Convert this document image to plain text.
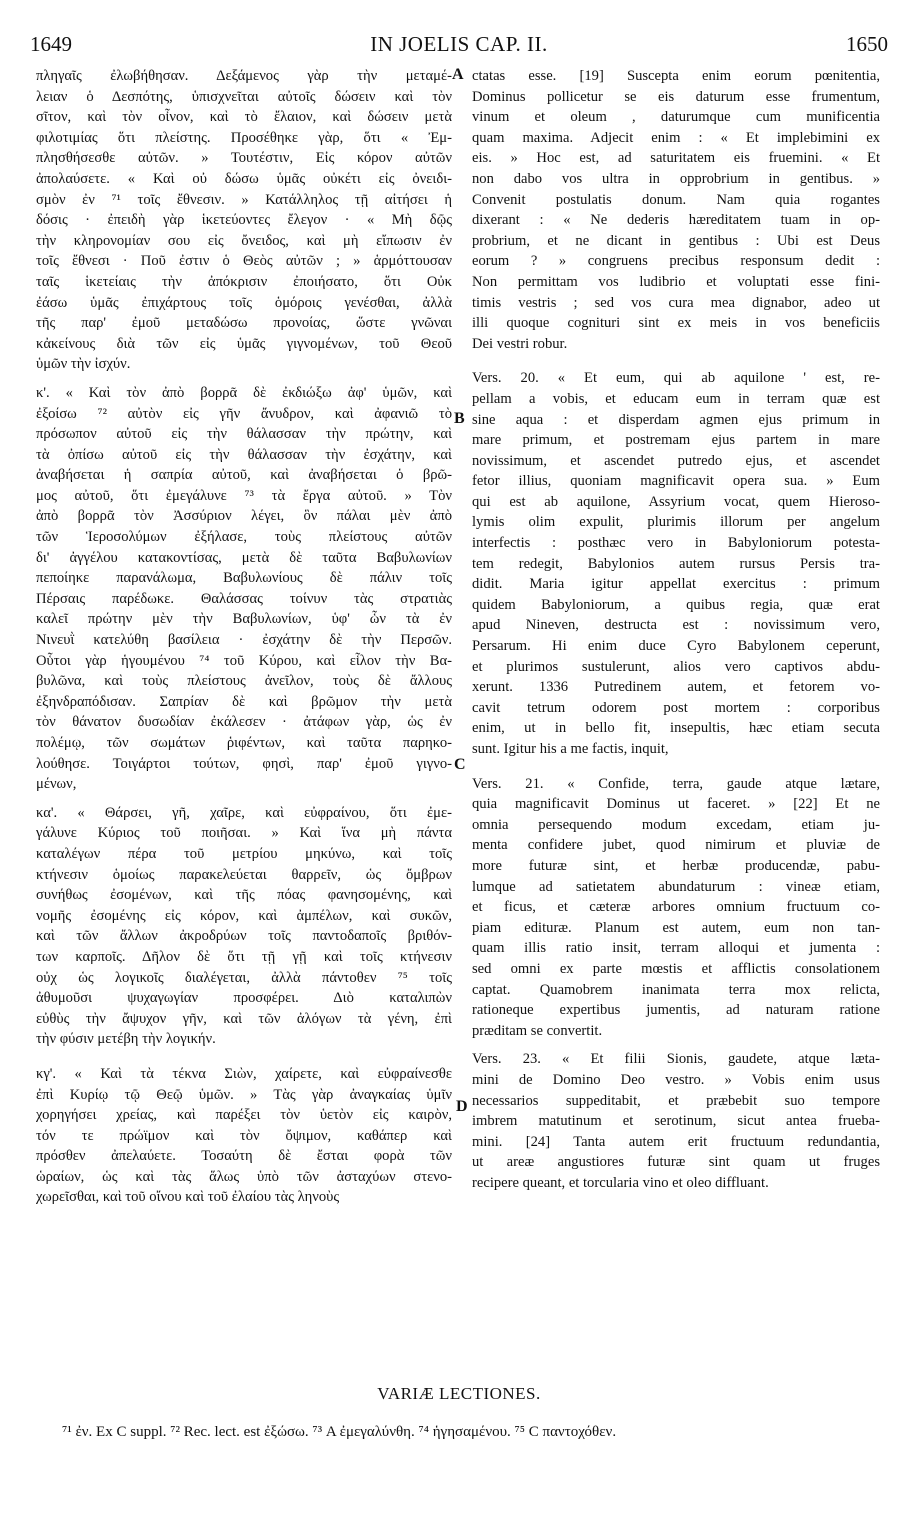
1649	IN JOELIS CAP. II.	1650
πληγαῖς ἐλωβήθησαν. Δεξάμενος γὰρ τὴν μεταμέ-
λειαν ὁ Δεσπότης, ὑπισχνεῖται αὐτοῖς δώσειν καὶ τὸν
σῖτον, καὶ τὸν οἶνον, καὶ τὸ ἔλαιον, καὶ δώσειν μετὰ
φιλοτιμίας ὅτι πλείστης. Προσέθηκε γὰρ, ὅτι « Ἐμ-
πλησθήσεσθε αὐτῶν. » Τουτέστιν, Εἰς κόρον αὐτῶν
ἀπολαύσετε. « Καὶ οὐ δώσω ὑμᾶς οὐκέτι εἰς ὀνειδι-
σμὸν ἐν ⁷¹ τοῖς ἔθνεσιν. » Κατάλληλος τῇ αἰτήσει ἡ
δόσις · ἐπειδὴ γὰρ ἱκετεύοντες ἔλεγον · « Μὴ δῷς
τὴν κληρονομίαν σου εἰς ὄνειδος, καὶ μὴ εἴπωσιν ἐν
τοῖς ἔθνεσι · Ποῦ ἐστιν ὁ Θεὸς αὐτῶν ; » ἁρμόττουσαν
ταῖς ἱκετείαις τὴν ἀπόκρισιν ἐποιήσατο, ὅτι Οὐκ
ἐάσω ὑμᾶς ἐπιχάρτους τοῖς ὁμόροις γενέσθαι, ἀλλὰ
τῆς παρ' ἐμοῦ μεταδώσω προνοίας, ὥστε γνῶναι
κἀκείνους διὰ τῶν εἰς ὑμᾶς γιγνομένων, τοῦ Θεοῦ
ὑμῶν τὴν ἰσχύν.
κ'. « Καὶ τὸν ἀπὸ βορρᾶ δὲ ἐκδιώξω ἀφ' ὑμῶν, καὶ
ἐξοίσω ⁷² αὐτὸν εἰς γῆν ἄνυδρον, καὶ ἀφανιῶ τὸ
πρόσωπον αὐτοῦ εἰς τὴν θάλασσαν τὴν πρώτην, καὶ
τὰ ὀπίσω αὐτοῦ εἰς τὴν θάλασσαν τὴν ἐσχάτην, καὶ
ἀναβήσεται ἡ σαπρία αὐτοῦ, καὶ ἀναβήσεται ὁ βρῶ-
μος αὐτοῦ, ὅτι ἐμεγάλυνε ⁷³ τὰ ἔργα αὐτοῦ. » Τὸν
ἀπὸ βορρᾶ τὸν Ἀσσύριον λέγει, ὃν πάλαι μὲν ἀπὸ
τῶν Ἱεροσολύμων ἐξήλασε, τοὺς πλείστους αὐτῶν
δι' ἀγγέλου κατακοντίσας, μετὰ δὲ ταῦτα Βαβυλωνίων
πεποίηκε παρανάλωμα, Βαβυλωνίους δὲ πάλιν τοῖς
Πέρσαις παρέδωκε. Θαλάσσας τοίνυν τὰς στρατιὰς
καλεῖ πρώτην μὲν τὴν Βαβυλωνίων, ὑφ' ὧν τὰ ἐν
Νινευῒ κατελύθη βασίλεια · ἐσχάτην δὲ τὴν Περσῶν.
Οὗτοι γὰρ ἡγουμένου ⁷⁴ τοῦ Κύρου, καὶ εἷλον τὴν Βα-
βυλῶνα, καὶ τοὺς πλείστους ἀνεῖλον, τοὺς δὲ ἄλλους
ἐξηνδραπόδισαν. Σαπρίαν δὲ καὶ βρῶμον τὴν μετὰ
τὸν θάνατον δυσωδίαν ἐκάλεσεν · ἀτάφων γὰρ, ὡς ἐν
πολέμῳ, τῶν σωμάτων ῥιφέντων, καὶ ταῦτα παρηκο-
λούθησε. Τοιγάρτοι τούτων, φησὶ, παρ' ἐμοῦ γιγνο-
μένων,
κα'. « Θάρσει, γῆ, χαῖρε, καὶ εὐφραίνου, ὅτι ἐμε-
γάλυνε Κύριος τοῦ ποιῆσαι. » Καὶ ἵνα μὴ πάντα
καταλέγων πέρα τοῦ μετρίου μηκύνω, καὶ τοῖς
κτήνεσιν ὁμοίως παρακελεύεται θαρρεῖν, ὡς ὄμβρων
συνήθως ἐσομένων, καὶ τῆς πόας φανησομένης, καὶ
νομῆς ἐσομένης εἰς κόρον, καὶ ἀμπέλων, καὶ συκῶν,
καὶ τῶν ἄλλων ἀκροδρύων τοῖς παντοδαποῖς βριθόν-
των καρποῖς. Δῆλον δὲ ὅτι τῇ γῇ καὶ τοῖς κτήνεσιν
οὐχ ὡς λογικοῖς διαλέγεται, ἀλλὰ πάντοθεν ⁷⁵ τοῖς
ἀθυμοῦσι ψυχαγωγίαν προσφέρει. Διὸ καταλιπὼν
εὐθὺς τὴν ἄψυχον γῆν, καὶ τῶν ἀλόγων τὰ γένη, ἐπὶ
τὴν φύσιν μετέβη τὴν λογικήν.
κγ'. « Καὶ τὰ τέκνα Σιὼν, χαίρετε, καὶ εὐφραίνεσθε
ἐπὶ Κυρίῳ τῷ Θεῷ ὑμῶν. » Τὰς γὰρ ἀναγκαίας ὑμῖν
χορηγήσει χρείας, καὶ παρέξει τὸν ὑετὸν εἰς καιρὸν,
τόν τε πρώϊμον καὶ τὸν ὄψιμον, καθάπερ καὶ
πρόσθεν ἀπελαύετε. Τοσαύτη δὲ ἔσται φορὰ τῶν
ὡραίων, ὡς καὶ τὰς ἅλως ὑπὸ τῶν ἀσταχύων στενο-
χωρεῖσθαι, καὶ τοῦ οἴνου καὶ τοῦ ἐλαίου τὰς ληνοὺς
ctatas esse. [19] Suscepta enim eorum pœnitentia,
Dominus pollicetur se eis daturum esse frumentum,
vinum et oleum , daturumque cum munificentia
quam maxima. Adjecit enim : « Et implebimini ex
eis. » Hoc est, ad saturitatem eis fruemini. « Et
non dabo vos ultra in opprobrium in gentibus. »
Convenit postulatis donum. Nam quia rogantes
dixerant : « Ne dederis hæreditatem tuam in op-
probrium, et ne dicant in gentibus : Ubi est Deus
eorum ? » congruens precibus responsum dedit :
Non permittam vos ludibrio et voluptati esse fini-
timis vestris ; sed vos cura mea dignabor, adeo ut
illi quoque cognituri sint ex meis in vos beneficiis
Dei vestri robur.
Vers. 20. « Et eum, qui ab aquilone ' est, re-
pellam a vobis, et educam eum in terram quæ est
sine aqua : et disperdam agmen ejus primum in
mare primum, et postremam ejus partem in mare
novissimum, et ascendet putredo ejus, et ascendet
fetor illius, quoniam magnificavit opera sua. » Eum
qui est ab aquilone, Assyrium vocat, quem Hieroso-
lymis olim expulit, plurimis illorum per angelum
interfectis : posthæc vero in Babyloniorum potesta-
tem redegit, Babylonios autem rursus Persis tra-
didit. Maria igitur appellat exercitus : primum
quidem Babyloniorum, a quibus regia, quæ erat
apud Nineven, destructa est : novissimum vero,
Persarum. Hi enim duce Cyro Babylonem ceperunt,
et plurimos sustulerunt, alios vero captivos abdu-
xerunt. 1336 Putredinem autem, et fetorem vo-
cavit tetrum odorem post mortem : corporibus
enim, ut in bello fit, insepultis, hæc etiam secuta
sunt. Igitur his a me factis, inquit,
Vers. 21. « Confide, terra, gaude atque lætare,
quia magnificavit Dominus ut faceret. » [22] Et ne
omnia persequendo modum excedam, etiam ju-
menta confidere jubet, quod nimirum et pluviæ de
more futuræ sint, et herbæ producendæ, pabu-
lumque ad satietatem abundaturum : vineæ etiam,
et ficus, et cæteræ arbores omnium fructuum co-
piam edituræ. Planum est autem, eum non tan-
quam illis ratio insit, terram alloqui et jumenta :
sed omni ex parte mœstis et afflictis consolationem
captat. Quamobrem inanimata terra mox relicta,
rationeque expertibus jumentis, ad naturam ratione
præditam se convertit.
Vers. 23. « Et filii Sionis, gaudete, atque læta-
mini de Domino Deo vestro. » Vobis enim usus
necessarios suppeditabit, et præbebit suo tempore
imbrem matutinum et serotinum, sicut antea frueba-
mini. [24] Tanta autem erit fructuum redundantia,
ut areæ angustiores futuræ sint quam ut fruges
recipere queant, et torcularia vino et oleo diffluant.
A
B
C
D
VARIÆ LECTIONES.
⁷¹ ἐν. Ex C suppl. ⁷² Rec. lect. est ἐξώσω. ⁷³ A ἐμεγαλύνθη. ⁷⁴ ἡγησαμένου. ⁷⁵ C παντοχόθεν.
